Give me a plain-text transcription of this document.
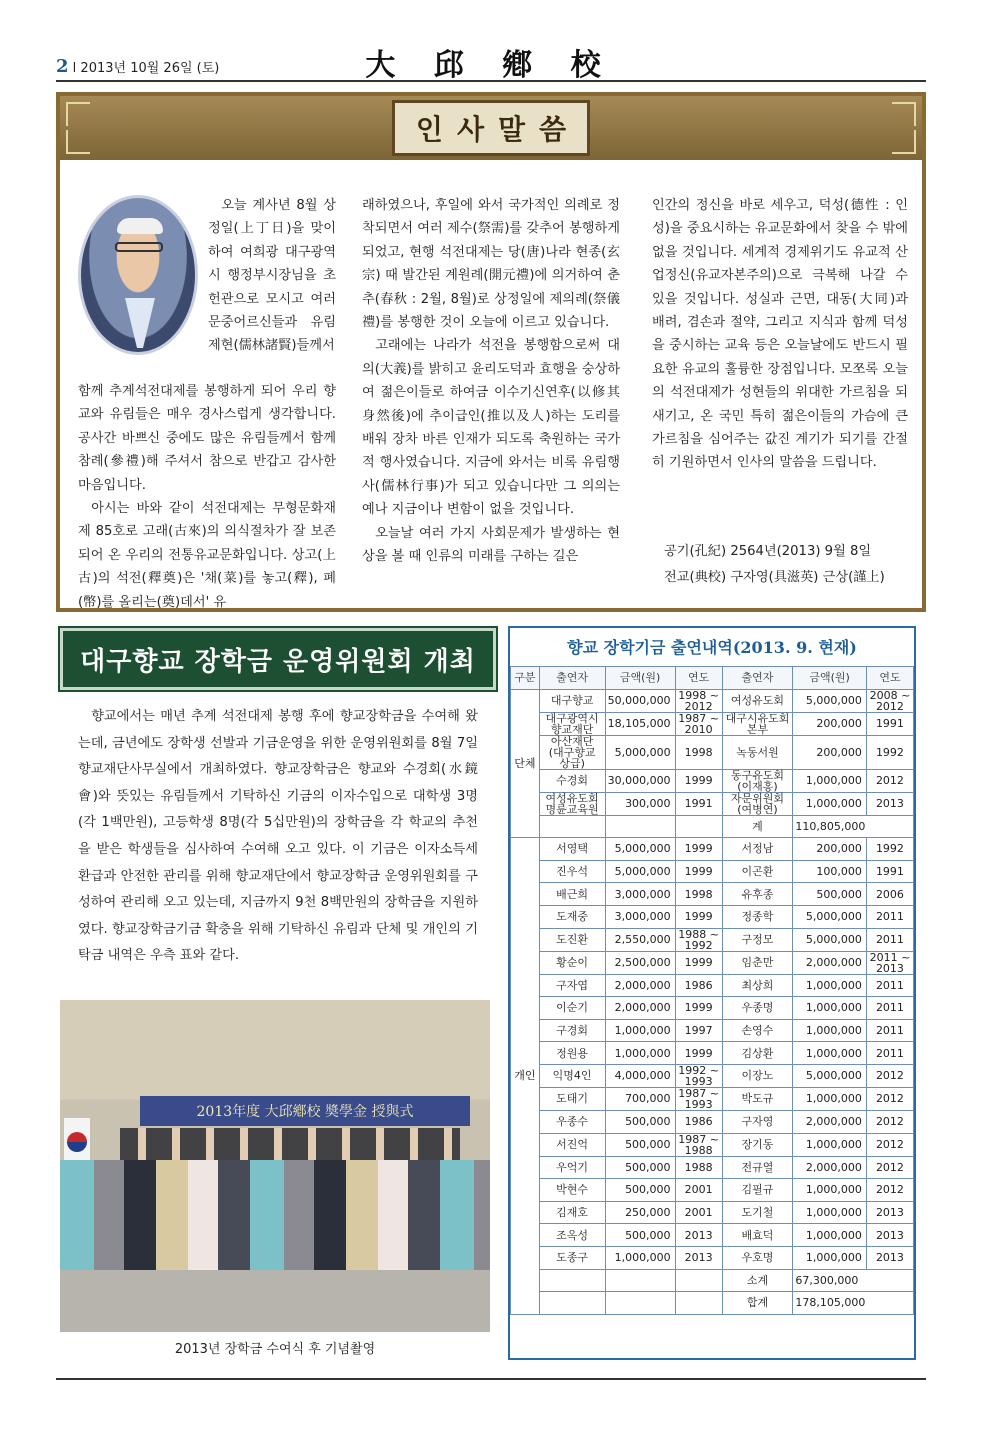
2 l 2013년 10월 26일 (토)	大 邱 鄕 校
인사말씀

오늘 계사년 8월 상정일(上丁日)을 맞이하여 여희광 대구광역시 행정부시장님을 초헌관으로 모시고 여러 문중어르신들과 유림제현(儒林諸賢)들께서

함께 추계석전대제를 봉행하게 되어 우리 향교와 유림들은 매우 경사스럽게 생각합니다. 공사간 바쁘신 중에도 많은 유림들께서 함께 참례(參禮)해 주셔서 참으로 반갑고 감사한 마음입니다.

아시는 바와 같이 석전대제는 무형문화재 제 85호로 고래(古來)의 의식절차가 잘 보존되어 온 우리의 전통유교문화입니다. 상고(上古)의 석전(釋奠)은 '채(菜)를 놓고(釋), 폐(幣)를 올리는(奠)데서' 유

래하였으나, 후일에 와서 국가적인 의례로 정착되면서 여러 제수(祭需)를 갖추어 봉행하게 되었고, 현행 석전대제는 당(唐)나라 현종(玄宗) 때 발간된 계원례(開元禮)에 의거하여 춘추(春秋 : 2월, 8월)로 상정일에 제의례(祭儀禮)를 봉행한 것이 오늘에 이르고 있습니다.

고래에는 나라가 석전을 봉행함으로써 대의(大義)를 밝히고 윤리도덕과 효행을 숭상하여 젊은이들로 하여금 이수기신연후(以修其身然後)에 추이급인(推以及人)하는 도리를 배워 장차 바른 인재가 되도록 축원하는 국가적 행사였습니다. 지금에 와서는 비록 유림행사(儒林行事)가 되고 있습니다만 그 의의는 예나 지금이나 변함이 없을 것입니다.

오늘날 여러 가지 사회문제가 발생하는 현상을 볼 때 인류의 미래를 구하는 길은

인간의 정신을 바로 세우고, 덕성(德性 : 인성)을 중요시하는 유교문화에서 찾을 수 밖에 없을 것입니다. 세계적 경제위기도 유교적 산업정신(유교자본주의)으로 극복해 나갈 수 있을 것입니다. 성실과 근면, 대동(大同)과 배려, 겸손과 절약, 그리고 지식과 함께 덕성을 중시하는 교육 등은 오늘날에도 반드시 필요한 유교의 훌륭한 장점입니다. 모쪼록 오늘의 석전대제가 성현들의 위대한 가르침을 되새기고, 온 국민 특히 젊은이들의 가슴에 큰 가르침을 심어주는 값진 계기가 되기를 간절히 기원하면서 인사의 말씀을 드립니다.

공기(孔紀) 2564년(2013) 9월 8일
전교(典校) 구자영(具滋英) 근상(謹上)
대구향교 장학금 운영위원회 개최

향교에서는 매년 추계 석전대제 봉행 후에 향교장학금을 수여해 왔는데, 금년에도 장학생 선발과 기금운영을 위한 운영위원회를 8월 7일 향교재단사무실에서 개최하였다. 향교장학금은 향교와 수경회(水鏡會)와 뜻있는 유림들께서 기탁하신 기금의 이자수입으로 대학생 3명(각 1백만원), 고등학생 8명(각 5십만원)의 장학금을 각 학교의 추천을 받은 학생들을 심사하여 수여해 오고 있다. 이 기금은 이자소득세 환급과 안전한 관리를 위해 향교재단에서 향교장학금 운영위원회를 구성하여 관리해 오고 있는데, 지금까지 9천 8백만원의 장학금을 지원하였다. 향교장학금기금 확충을 위해 기탁하신 유림과 단체 및 개인의 기탁금 내역은 우측 표와 같다.

2013年度 大邱鄕校 奬學金 授與式
2013년 장학금 수여식 후 기념촬영
향교 장학기금 출연내역(2013. 9. 현재)
구분	출연자	금액(원)	연도	출연자	금액(원)	연도
단체	대구향교	50,000,000	1998 ~ 2012	여성유도회	5,000,000	2008 ~ 2012
	대구광역시 향교재단	18,105,000	1987 ~ 2010	대구시유도회 본부	200,000	1991
	아산재단 (대구향교 상급)	5,000,000	1998	녹동서원	200,000	1992
	수경회	30,000,000	1999	동구유도회 (이재홍)	1,000,000	2012
	여성유도회 명륜교육원	300,000	1991	자문위원회 (여병연)	1,000,000	2013
				계	110,805,000	
개인	서영택	5,000,000	1999	서정남	200,000	1992
	진우석	5,000,000	1999	이곤환	100,000	1991
	배근희	3,000,000	1998	유후종	500,000	2006
	도재중	3,000,000	1999	정종학	5,000,000	2011
	도진환	2,550,000	1988 ~ 1992	구정모	5,000,000	2011
	황순이	2,500,000	1999	임춘만	2,000,000	2011 ~ 2013
	구자엽	2,000,000	1986	최상희	1,000,000	2011
	이순기	2,000,000	1999	우종명	1,000,000	2011
	구경회	1,000,000	1997	손영수	1,000,000	2011
	정원용	1,000,000	1999	김상환	1,000,000	2011
	익명4인	4,000,000	1992 ~ 1993	이장노	5,000,000	2012
	도태기	700,000	1987 ~ 1993	박도규	1,000,000	2012
	우종수	500,000	1986	구자영	2,000,000	2012
	서진억	500,000	1987 ~ 1988	장기동	1,000,000	2012
	우억기	500,000	1988	전규열	2,000,000	2012
	박현수	500,000	2001	김필규	1,000,000	2012
	김재호	250,000	2001	도기철	1,000,000	2013
	조옥성	500,000	2013	배효덕	1,000,000	2013
	도종구	1,000,000	2013	우호명	1,000,000	2013
				소계	67,300,000	
				합계	178,105,000	
